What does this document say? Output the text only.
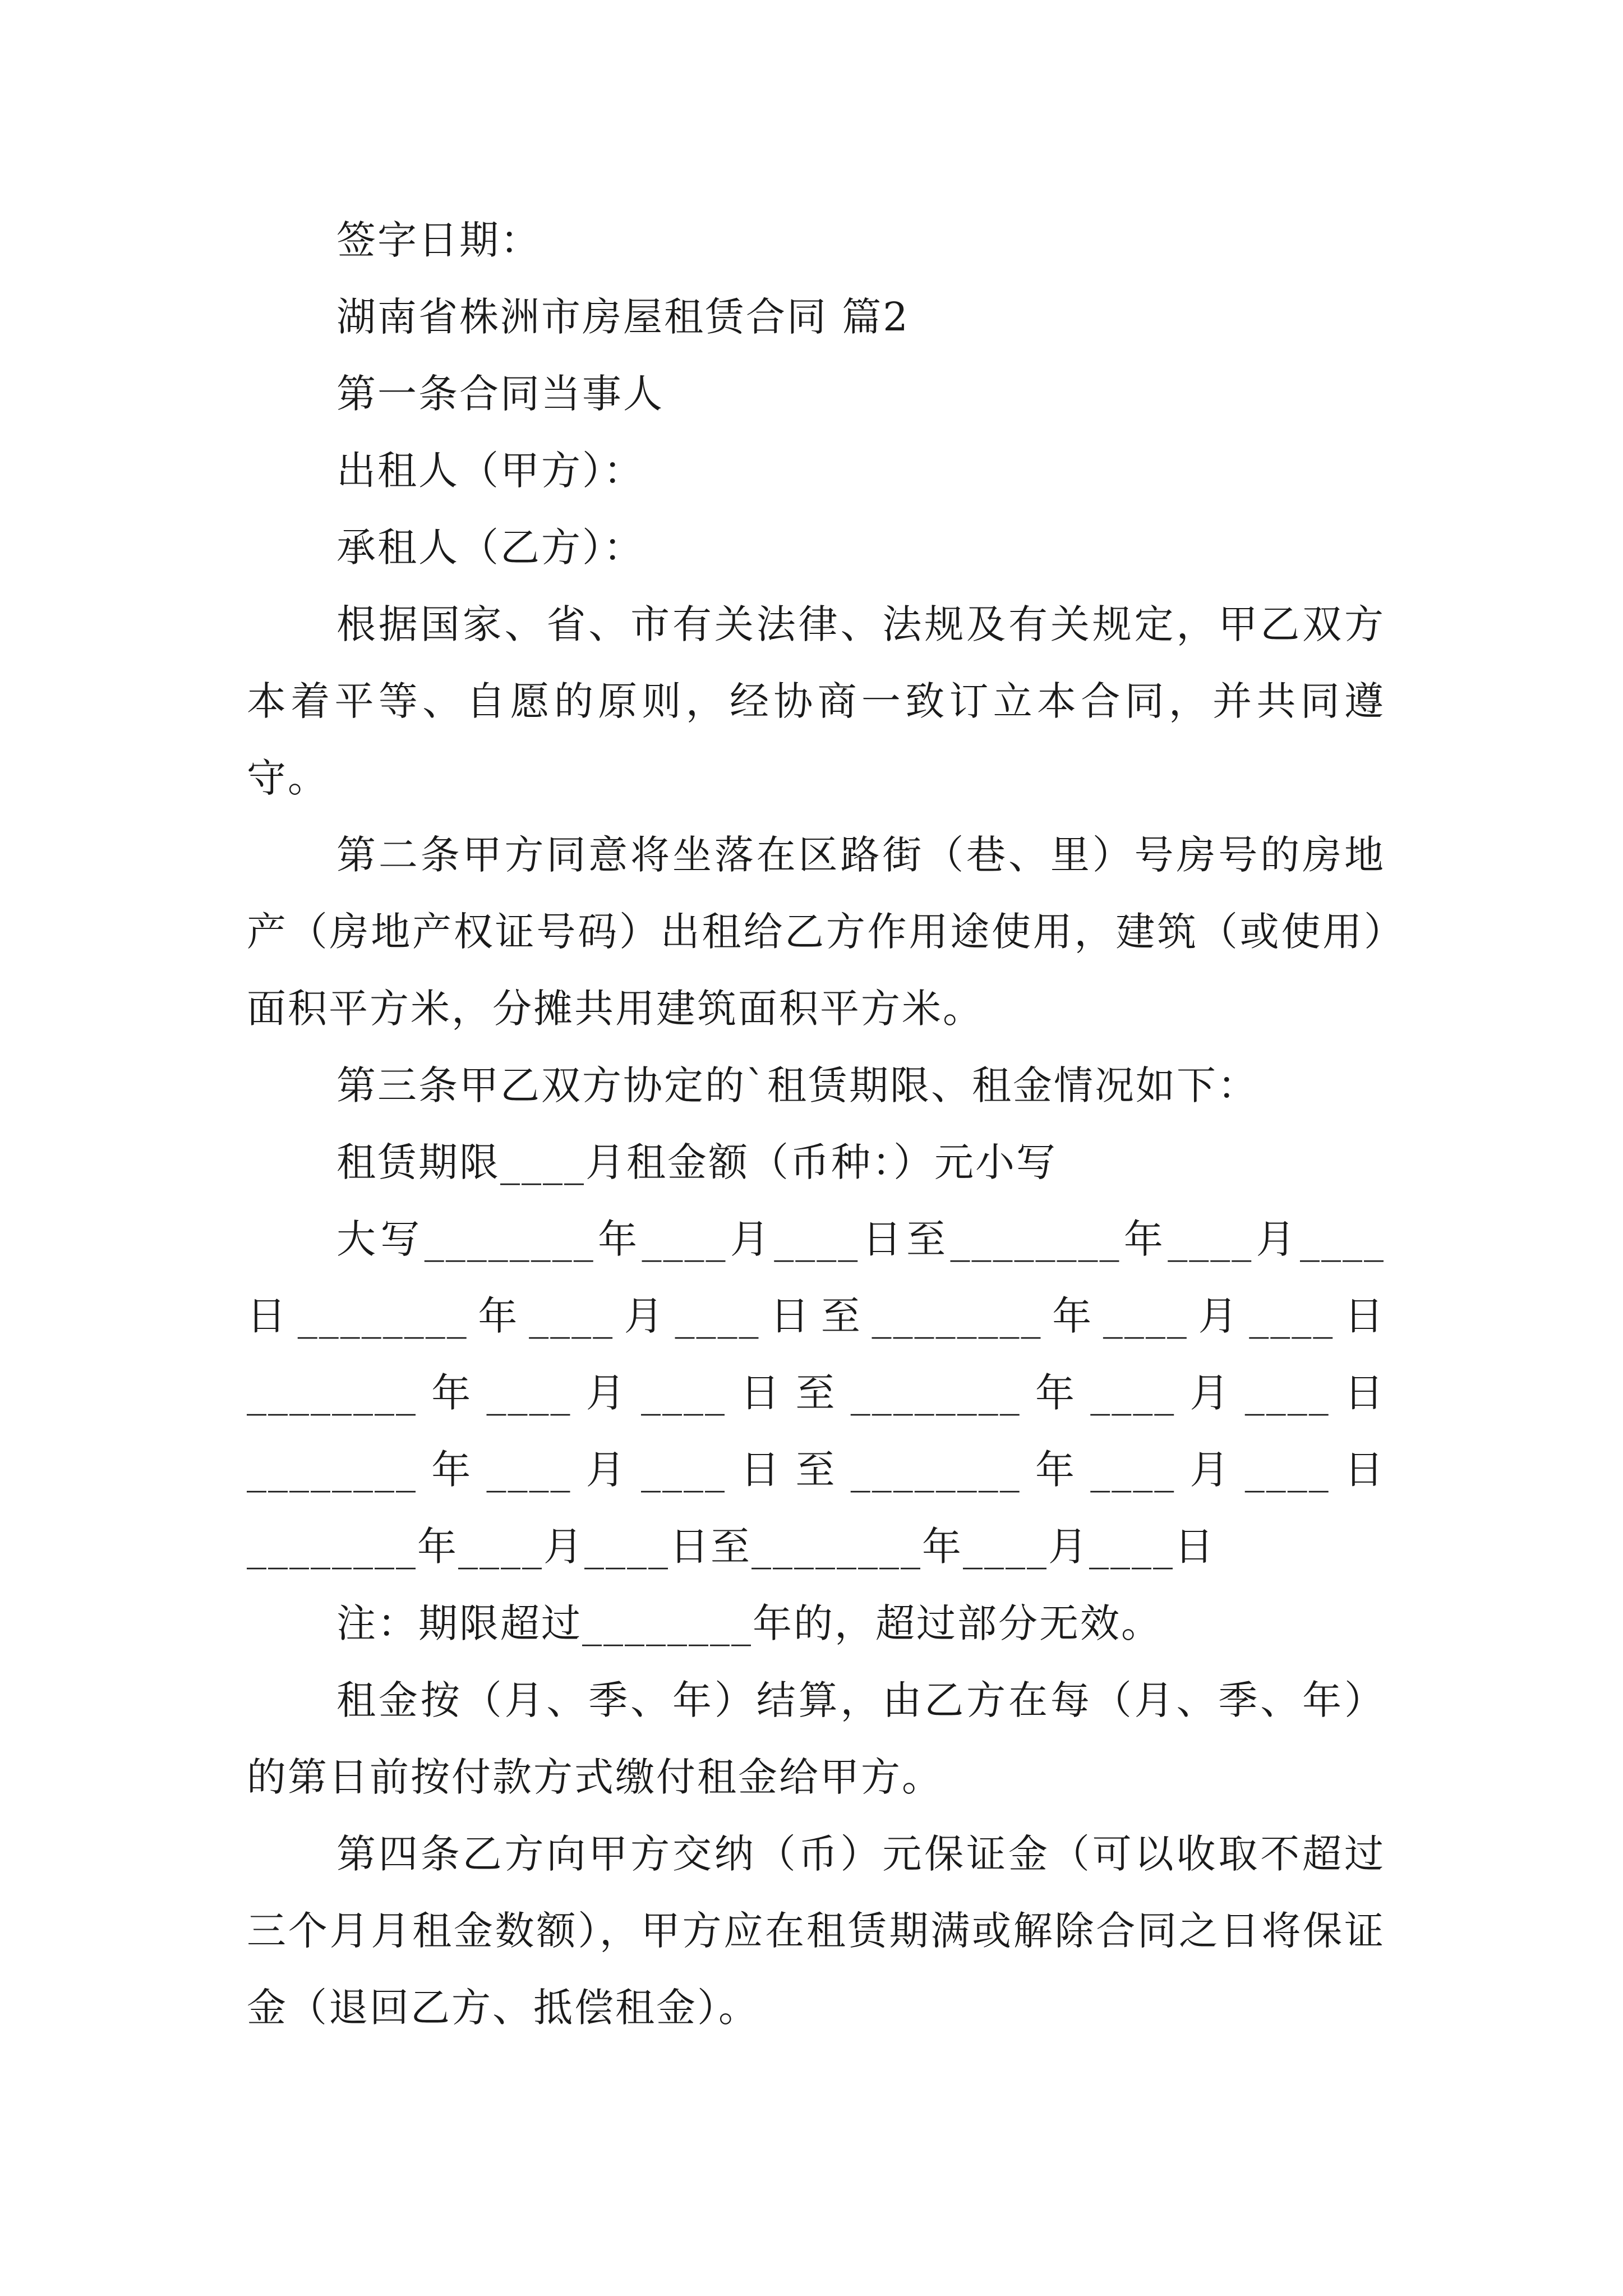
签字日期：

湖南省株洲市房屋租赁合同 篇2

第一条合同当事人

出租人（甲方）：

承租人（乙方）：

根据国家、省、市有关法律、法规及有关规定，甲乙双方本着平等、自愿的原则，经协商一致订立本合同，并共同遵守。

第二条甲方同意将坐落在区路街（巷、里）号房号的房地产（房地产权证号码）出租给乙方作用途使用，建筑（或使用）面积平方米，分摊共用建筑面积平方米。

第三条甲乙双方协定的`租赁期限、租金情况如下：

租赁期限____月租金额（币种：）元小写

大写________年____月____日至________年____月____

日________年____月____日至________年____月____日

________年____月____日至________年____月____日

________年____月____日至________年____月____日

________年____月____日至________年____月____日

注：期限超过________年的，超过部分无效。

租金按（月、季、年）结算，由乙方在每（月、季、年）的第日前按付款方式缴付租金给甲方。

第四条乙方向甲方交纳（币）元保证金（可以收取不超过三个月月租金数额），甲方应在租赁期满或解除合同之日将保证金（退回乙方、抵偿租金）。
